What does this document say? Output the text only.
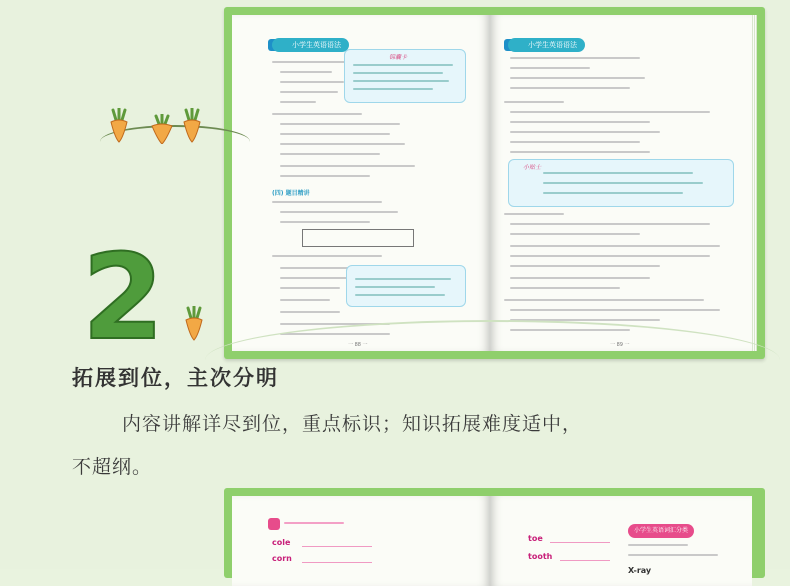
小学生英语语法
锦囊卡
(四) 题目精讲
一 88 一
小学生英语语法
小贴士
一 89 一
2
拓展到位，主次分明
内容讲解详尽到位，重点标识；知识拓展难度适中，
不超纲。
cole
corn
toe
tooth
小学生英语词汇分类
X-ray
